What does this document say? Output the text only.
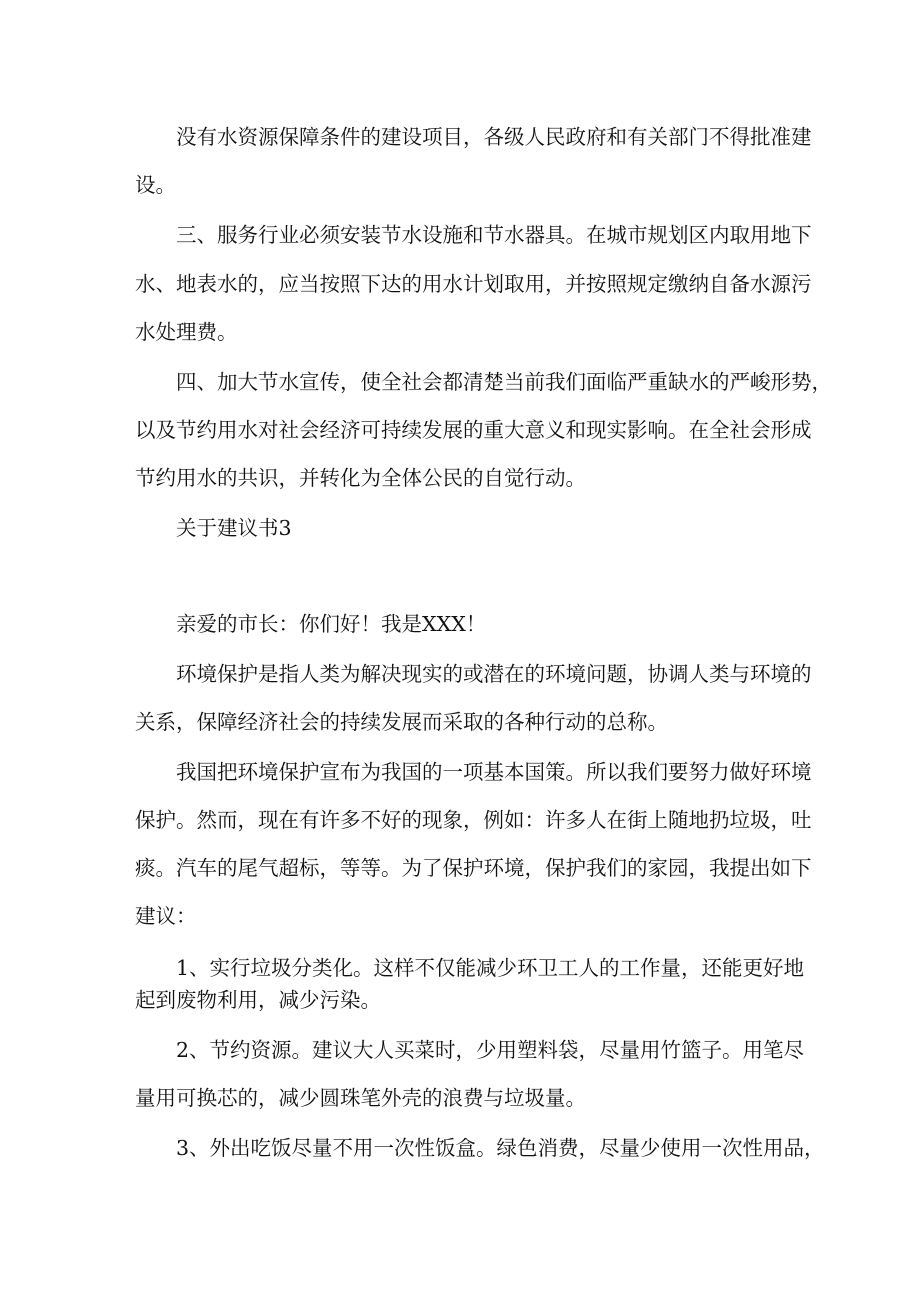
没有水资源保障条件的建设项目，各级人民政府和有关部门不得批准建
设。
三、服务行业必须安装节水设施和节水器具。在城市规划区内取用地下
水、地表水的，应当按照下达的用水计划取用，并按照规定缴纳自备水源污
水处理费。
四、加大节水宣传，使全社会都清楚当前我们面临严重缺水的严峻形势，
以及节约用水对社会经济可持续发展的重大意义和现实影响。在全社会形成
节约用水的共识，并转化为全体公民的自觉行动。
关于建议书3
亲爱的市长：你们好！我是XXX！
环境保护是指人类为解决现实的或潜在的环境问题，协调人类与环境的
关系，保障经济社会的持续发展而采取的各种行动的总称。
我国把环境保护宣布为我国的一项基本国策。所以我们要努力做好环境
保护。然而，现在有许多不好的现象，例如：许多人在街上随地扔垃圾，吐
痰。汽车的尾气超标，等等。为了保护环境，保护我们的家园，我提出如下
建议：
1、实行垃圾分类化。这样不仅能减少环卫工人的工作量，还能更好地
起到废物利用，减少污染。
2、节约资源。建议大人买菜时，少用塑料袋，尽量用竹篮子。用笔尽
量用可换芯的，减少圆珠笔外壳的浪费与垃圾量。
3、外出吃饭尽量不用一次性饭盒。绿色消费，尽量少使用一次性用品，
